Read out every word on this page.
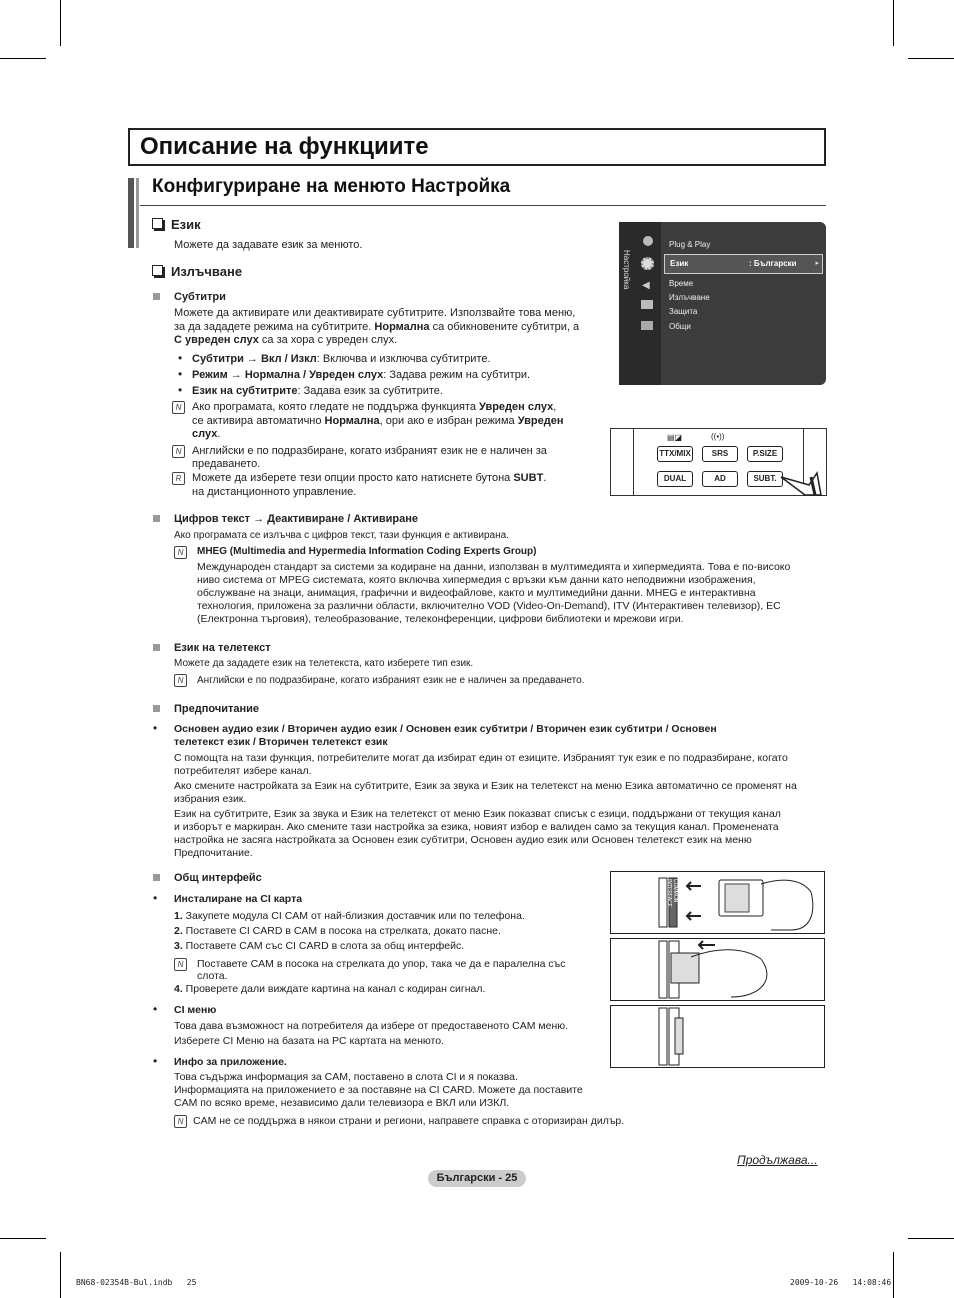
Описание на функциите
Конфигуриране на менюто Настройка
Език
Можете да задавате език за менюто.
Излъчване
Субтитри
Можете да активирате или деактивирате субтитрите. Използвайте това меню,
за да зададете режима на субтитрите. Нормална са обикновените субтитри, а
С увреден слух са за хора с увреден слух.
• Субтитри → Вкл / Изкл: Включва и изключва субтитрите.
• Режим → Нормална / Увреден слух: Задава режим на субтитри.
• Език на субтитрите: Задава език за субтитрите.
N Ако програмата, която гледате не поддържа функцията Увреден слух,
се активира автоматично Нормална, ори ако е избран режима Увреден
слух.
N Английски е по подразбиране, когато избраният език не е наличен за
предаването.
R Можете да изберете тези опции просто като натиснете бутона SUBT.
на дистанционното управление.
Настройка ◀
Plug & Play
Език	: Български	▸
Време
Излъчване
Защита
Общи
▤◪	((•))
TTX/MIX	SRS	P.SIZE
DUAL	AD	SUBT.
Цифров текст → Деактивиране / Активиране
Ако програмата се излъчва с цифров текст, тази функция е активирана.
N	MHEG (Multimedia and Hypermedia Information Coding Experts Group)
Международен стандарт за системи за кодиране на данни, използван в мултимедията и хипермедията. Това е по-високо
ниво система от MPEG системата, която включва хипермедия с връзки към данни като неподвижни изображения,
обслужване на знаци, анимация, графични и видеофайлове, както и мултимедийни данни. MHEG е интерактивна
технология, приложена за различни области, включително VOD (Video-On-Demand), ITV (Интерактивен телевизор), EC
(Електронна търговия), телеобразование, телеконференции, цифрови библиотеки и мрежови игри.
Език на телетекст
Можете да зададете език на телетекста, като изберете тип език.
N	Английски е по подразбиране, когато избраният език не е наличен за предаването.
Предпочитание
• Основен аудио език / Вторичен аудио език / Основен език субтитри / Вторичен език субтитри / Основен
телетекст език / Вторичен телетекст език
С помощта на тази функция, потребителите могат да избират един от езиците. Избраният тук език е по подразбиране, когато
потребителят избере канал.
Ако смените настройката за Език на субтитрите, Език за звука и Език на телетекст на меню Езика автоматично се променят на
избрания език.
Език на субтитрите, Език за звука и Език на телетекст от меню Език показват списък с езици, поддържани от текущия канал
и изборът е маркиран. Ако смените тази настройка за езика, новият избор е валиден само за текущия канал. Променената
настройка не засяга настройката за Основен език субтитри, Основен аудио език или Основен телетекст език на меню
Предпочитание.
Общ интерфейс
• Инсталиране на CI карта
1. Закупете модула CI CAM от най-близкия доставчик или по телефона.
2. Поставете CI CARD в CAM в посока на стрелката, докато пасне.
3. Поставете CAM със CI CARD в слота за общ интерфейс.
N	Поставете CAM в посока на стрелката до упор, така че да е паралелна със
слота.
4. Проверете дали виждате картина на канал с кодиран сигнал.
• CI меню
Това дава възможност на потребителя да избере от предоставеното CAM меню.
Изберете CI Меню на базата на PC картата на менюто.
• Инфо за приложение.
Това съдържа информация за CAM, поставено в слота CI и я показва.
Информацията на приложението е за поставяне на CI CARD. Можете да поставите
CAM по всяко време, независимо дали телевизора е ВКЛ или ИЗКЛ.
N CAM не се поддържа в някои страни и региони, направете справка с оторизиран дилър.
COMMON INTERFACE
Продължава...
Български - 25
BN68-02354B-Bul.indb   25	2009-10-26   14:08:46
